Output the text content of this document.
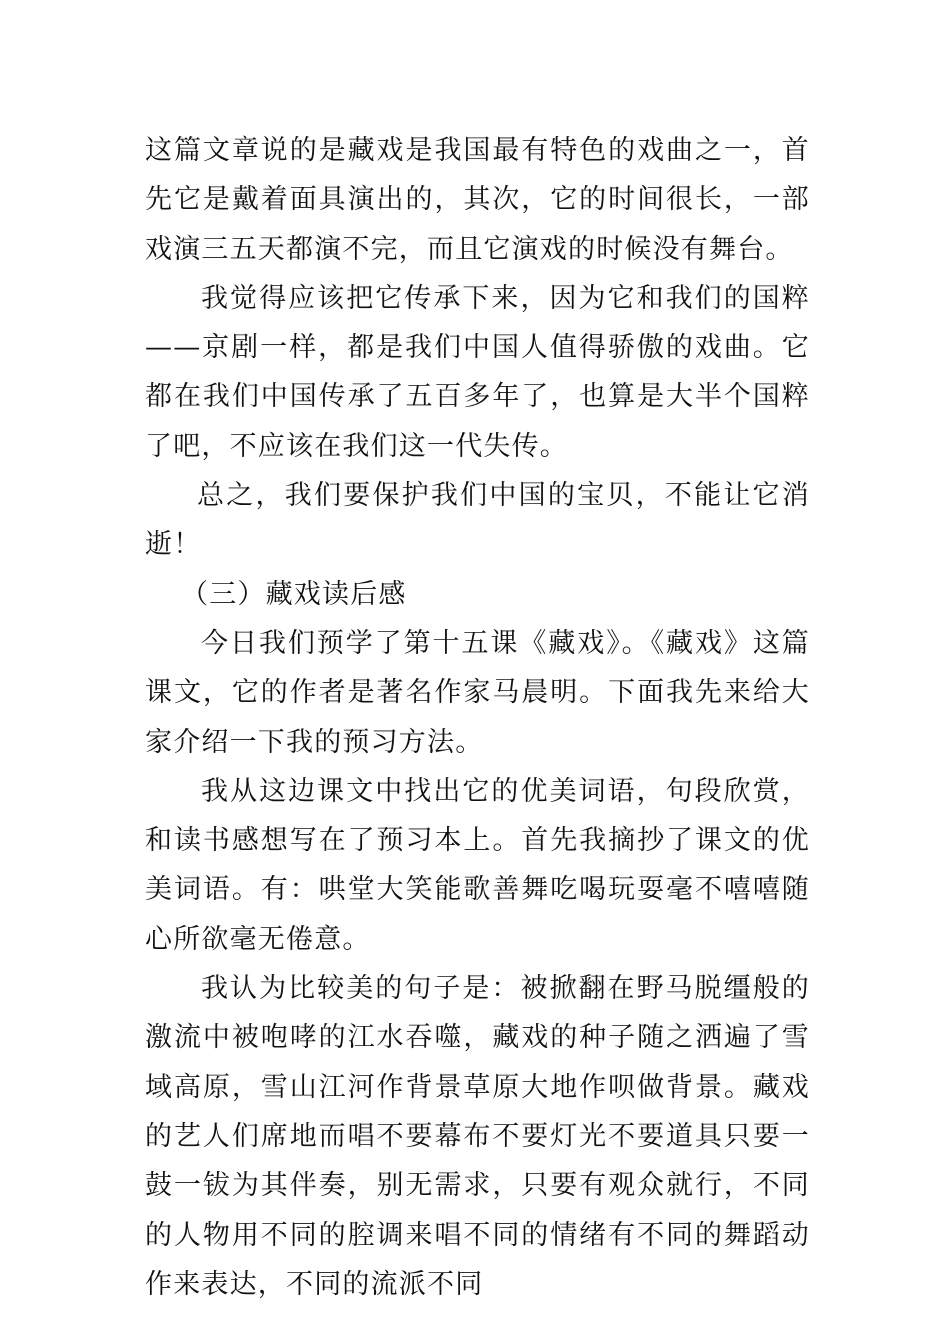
这篇文章说的是藏戏是我国最有特色的戏曲之一，首先它是戴着面具演出的，其次，它的时间很长，一部戏演三五天都演不完，而且它演戏的时候没有舞台。

我觉得应该把它传承下来，因为它和我们的国粹——京剧一样，都是我们中国人值得骄傲的戏曲。它都在我们中国传承了五百多年了，也算是大半个国粹了吧，不应该在我们这一代失传。

总之，我们要保护我们中国的宝贝，不能让它消逝！

（三）藏戏读后感

今日我们预学了第十五课《藏戏》。《藏戏》这篇课文，它的作者是著名作家马晨明。下面我先来给大家介绍一下我的预习方法。

我从这边课文中找出它的优美词语，句段欣赏，和读书感想写在了预习本上。首先我摘抄了课文的优美词语。有：哄堂大笑能歌善舞吃喝玩耍毫不嘻嘻随心所欲毫无倦意。

我认为比较美的句子是：被掀翻在野马脱缰般的激流中被咆哮的江水吞噬，藏戏的种子随之洒遍了雪域高原，雪山江河作背景草原大地作呗做背景。藏戏的艺人们席地而唱不要幕布不要灯光不要道具只要一鼓一钹为其伴奏，别无需求，只要有观众就行，不同的人物用不同的腔调来唱不同的情绪有不同的舞蹈动作来表达，不同的流派不同
